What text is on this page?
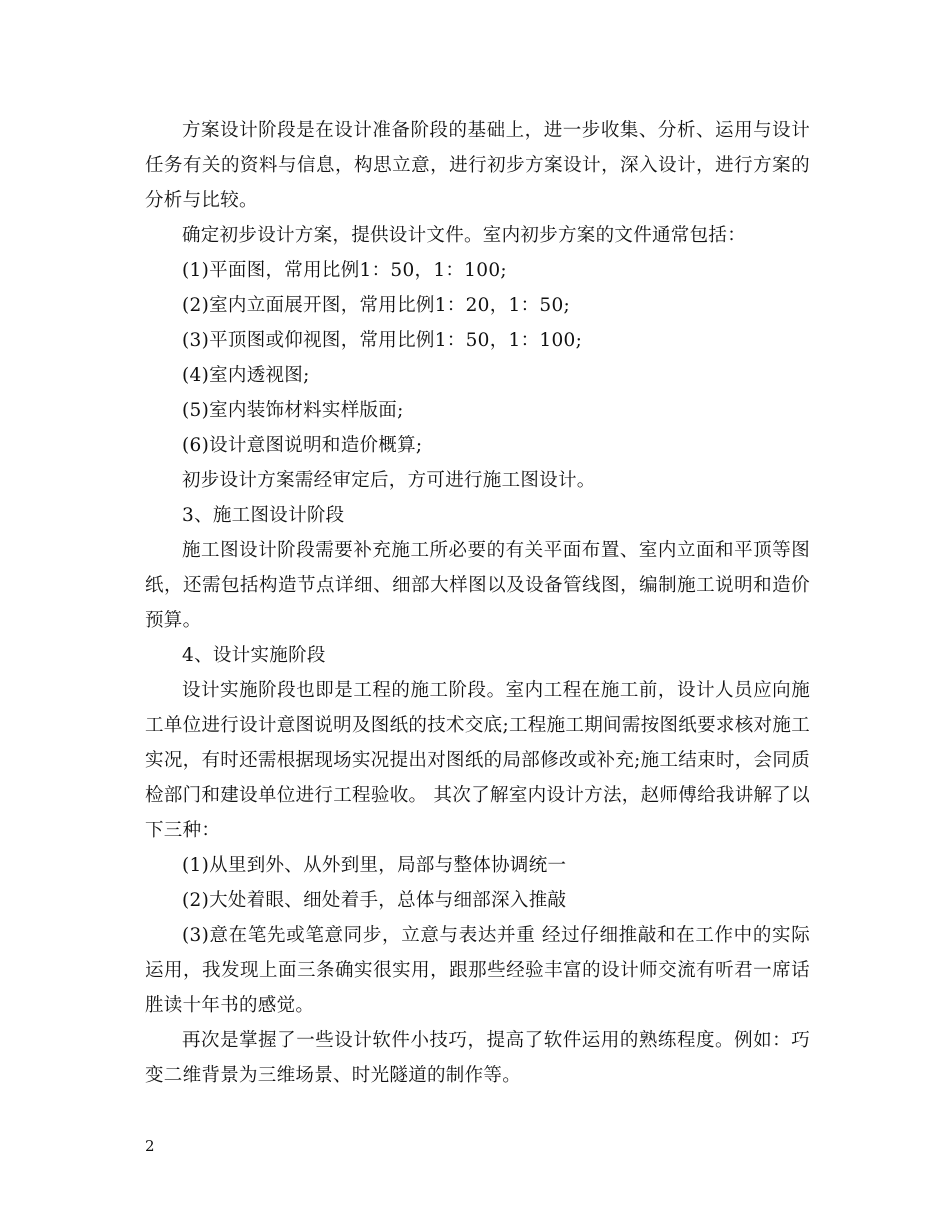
方案设计阶段是在设计准备阶段的基础上，进一步收集、分析、运用与设计任务有关的资料与信息，构思立意，进行初步方案设计，深入设计，进行方案的分析与比较。

确定初步设计方案，提供设计文件。室内初步方案的文件通常包括：

(1)平面图，常用比例1：50，1：100;

(2)室内立面展开图，常用比例1：20，1：50;

(3)平顶图或仰视图，常用比例1：50，1：100;

(4)室内透视图;

(5)室内装饰材料实样版面;

(6)设计意图说明和造价概算;

初步设计方案需经审定后，方可进行施工图设计。

3、施工图设计阶段

施工图设计阶段需要补充施工所必要的有关平面布置、室内立面和平顶等图纸，还需包括构造节点详细、细部大样图以及设备管线图，编制施工说明和造价预算。

4、设计实施阶段

设计实施阶段也即是工程的施工阶段。室内工程在施工前，设计人员应向施工单位进行设计意图说明及图纸的技术交底;工程施工期间需按图纸要求核对施工实况，有时还需根据现场实况提出对图纸的局部修改或补充;施工结束时，会同质检部门和建设单位进行工程验收。 其次了解室内设计方法，赵师傅给我讲解了以下三种：

(1)从里到外、从外到里，局部与整体协调统一

(2)大处着眼、细处着手，总体与细部深入推敲

(3)意在笔先或笔意同步，立意与表达并重 经过仔细推敲和在工作中的实际运用，我发现上面三条确实很实用，跟那些经验丰富的设计师交流有听君一席话胜读十年书的感觉。

再次是掌握了一些设计软件小技巧，提高了软件运用的熟练程度。例如：巧变二维背景为三维场景、时光隧道的制作等。

2
